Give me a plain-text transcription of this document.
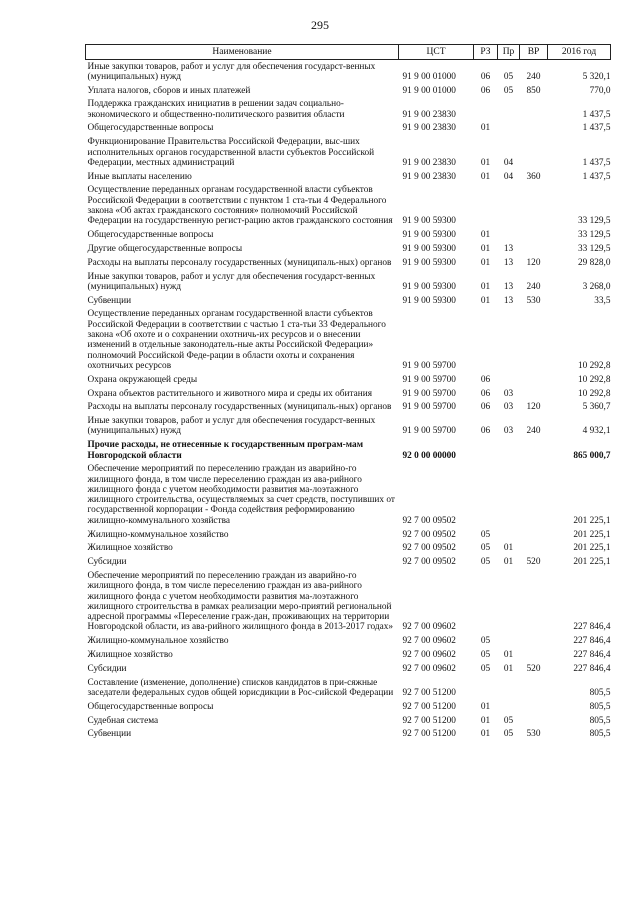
295
Наименование	ЦСТ	РЗ	Пр	ВР	2016 год
Иные закупки товаров, работ и услуг для обеспечения государст-венных (муниципальных) нужд	91 9 00 01000	06	05	240	5 320,1
Уплата налогов, сборов и иных платежей	91 9 00 01000	06	05	850	770,0
Поддержка гражданских инициатив в решении задач социально-экономического и общественно-политического развития области	91 9 00 23830				1 437,5
Общегосударственные вопросы	91 9 00 23830	01			1 437,5
Функционирование Правительства Российской Федерации, выс-ших исполнительных органов государственной власти субъектов Российской Федерации, местных администраций	91 9 00 23830	01	04		1 437,5
Иные выплаты населению	91 9 00 23830	01	04	360	1 437,5
Осуществление переданных органам государственной власти субъектов Российской Федерации в соответствии с пунктом 1 ста-тьи 4 Федерального закона «Об актах гражданского состояния» полномочий Российской Федерации на государственную регист-рацию актов гражданского состояния	91 9 00 59300				33 129,5
Общегосударственные вопросы	91 9 00 59300	01			33 129,5
Другие общегосударственные вопросы	91 9 00 59300	01	13		33 129,5
Расходы на выплаты персоналу государственных (муниципаль-ных) органов	91 9 00 59300	01	13	120	29 828,0
Иные закупки товаров, работ и услуг для обеспечения государст-венных (муниципальных) нужд	91 9 00 59300	01	13	240	3 268,0
Субвенции	91 9 00 59300	01	13	530	33,5
Осуществление переданных органам государственной власти субъектов Российской Федерации в соответствии с частью 1 ста-тьи 33 Федерального закона «Об охоте и о сохранении охотничь-их ресурсов и о внесении изменений в отдельные законодатель-ные акты Российской Федерации» полномочий Российской Феде-рации в области охоты и сохранения охотничьих ресурсов	91 9 00 59700				10 292,8
Охрана окружающей среды	91 9 00 59700	06			10 292,8
Охрана объектов растительного и животного мира и среды их обитания	91 9 00 59700	06	03		10 292,8
Расходы на выплаты персоналу государственных (муниципаль-ных) органов	91 9 00 59700	06	03	120	5 360,7
Иные закупки товаров, работ и услуг для обеспечения государст-венных (муниципальных) нужд	91 9 00 59700	06	03	240	4 932,1
Прочие расходы, не отнесенные к государственным програм-мам Новгородской области	92 0 00 00000				865 000,7
Обеспечение мероприятий по переселению граждан из аварийно-го жилищного фонда, в том числе переселению граждан из ава-рийного жилищного фонда с учетом необходимости развития ма-лоэтажного жилищного строительства, осуществляемых за счет средств, поступивших от государственной корпорации - Фонда содействия реформированию жилищно-коммунального хозяйства	92 7 00 09502				201 225,1
Жилищно-коммунальное хозяйство	92 7 00 09502	05			201 225,1
Жилищное хозяйство	92 7 00 09502	05	01		201 225,1
Субсидии	92 7 00 09502	05	01	520	201 225,1
Обеспечение мероприятий по переселению граждан из аварийно-го жилищного фонда, в том числе переселению граждан из ава-рийного жилищного фонда с учетом необходимости развития ма-лоэтажного жилищного строительства в рамках реализации меро-приятий региональной адресной программы «Переселение граж-дан, проживающих на территории Новгородской области, из ава-рийного жилищного фонда в 2013-2017 годах»	92 7 00 09602				227 846,4
Жилищно-коммунальное хозяйство	92 7 00 09602	05			227 846,4
Жилищное хозяйство	92 7 00 09602	05	01		227 846,4
Субсидии	92 7 00 09602	05	01	520	227 846,4
Составление (изменение, дополнение) списков кандидатов в при-сяжные заседатели федеральных судов общей юрисдикции в Рос-сийской Федерации	92 7 00 51200				805,5
Общегосударственные вопросы	92 7 00 51200	01			805,5
Судебная система	92 7 00 51200	01	05		805,5
Субвенции	92 7 00 51200	01	05	530	805,5
